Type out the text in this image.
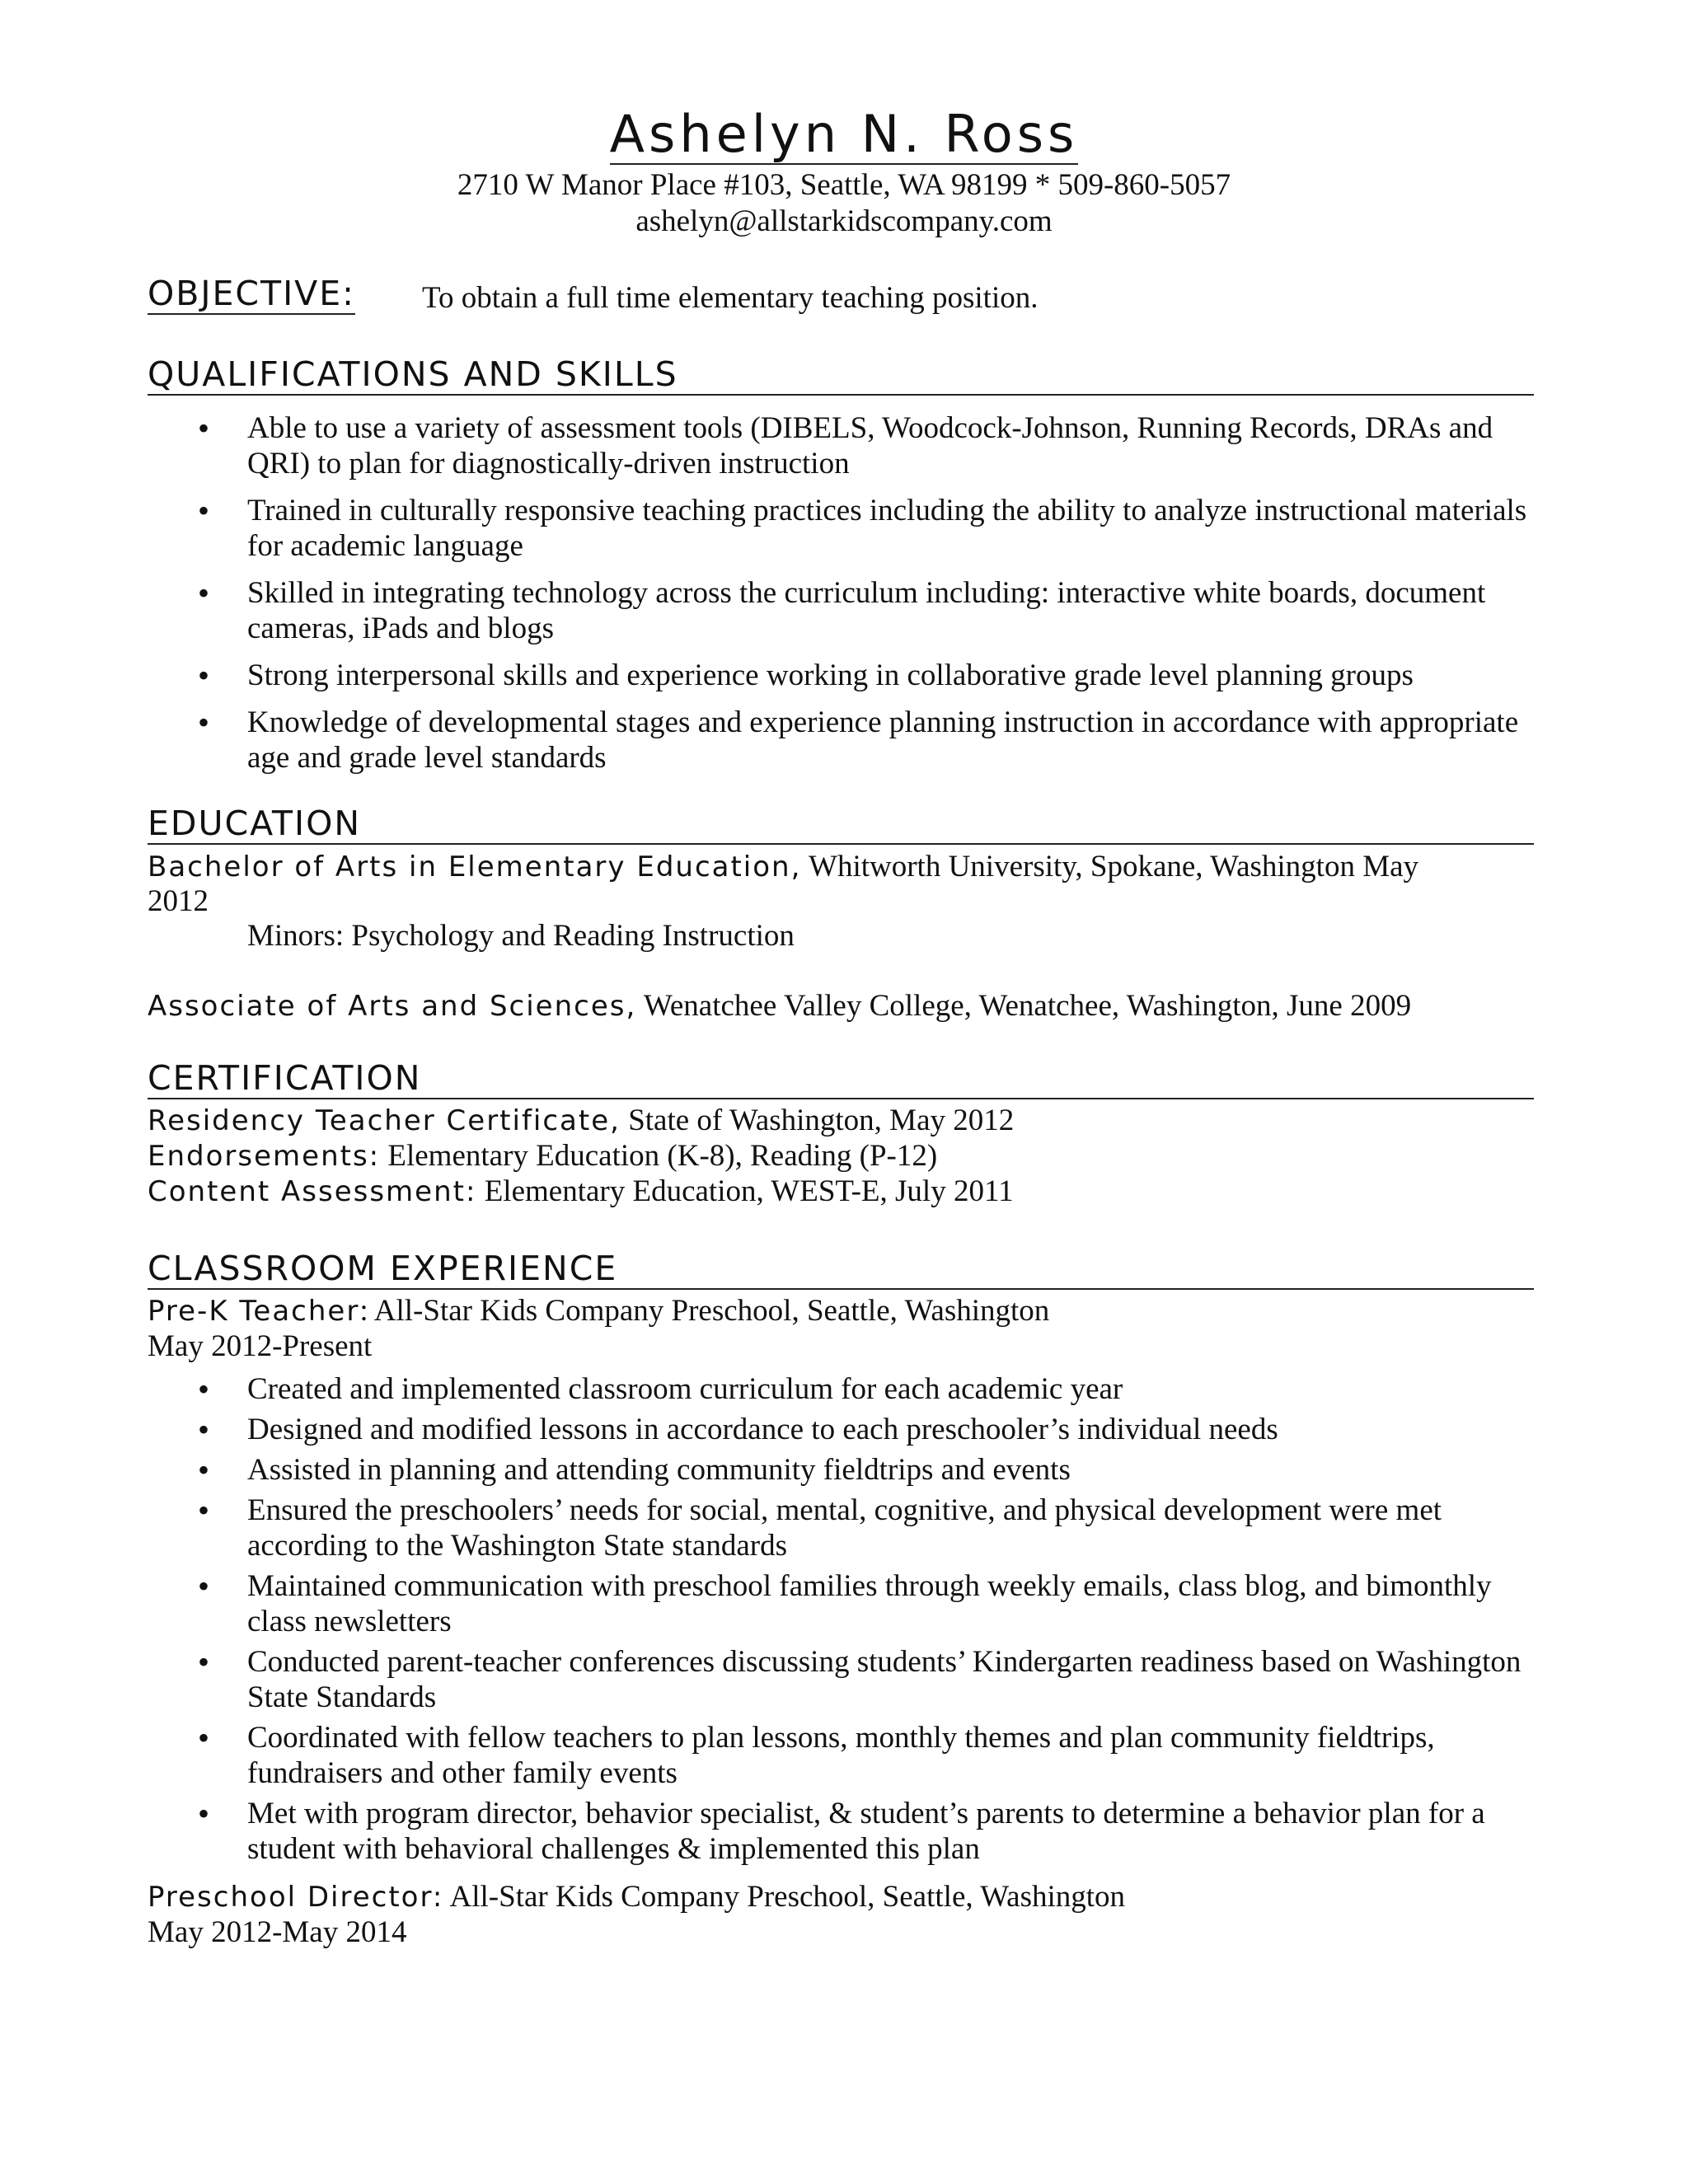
Ashelyn N. Ross
2710 W Manor Place #103, Seattle, WA 98199 * 509-860-5057
ashelyn@allstarkidscompany.com
OBJECTIVE: To obtain a full time elementary teaching position.
QUALIFICATIONS AND SKILLS
• Able to use a variety of assessment tools (DIBELS, Woodcock-Johnson, Running Records, DRAs and QRI) to plan for diagnostically-driven instruction
• Trained in culturally responsive teaching practices including the ability to analyze instructional materials for academic language
• Skilled in integrating technology across the curriculum including: interactive white boards, document cameras, iPads and blogs
• Strong interpersonal skills and experience working in collaborative grade level planning groups
• Knowledge of developmental stages and experience planning instruction in accordance with appropriate age and grade level standards
EDUCATION
Bachelor of Arts in Elementary Education, Whitworth University, Spokane, Washington May
2012
Minors: Psychology and Reading Instruction
Associate of Arts and Sciences, Wenatchee Valley College, Wenatchee, Washington, June 2009
CERTIFICATION
Residency Teacher Certificate, State of Washington, May 2012
Endorsements: Elementary Education (K-8), Reading (P-12)
Content Assessment: Elementary Education, WEST-E, July 2011
CLASSROOM EXPERIENCE
Pre-K Teacher: All-Star Kids Company Preschool, Seattle, Washington
May 2012-Present
• Created and implemented classroom curriculum for each academic year
• Designed and modified lessons in accordance to each preschooler’s individual needs
• Assisted in planning and attending community fieldtrips and events
• Ensured the preschoolers’ needs for social, mental, cognitive, and physical development were met according to the Washington State standards
• Maintained communication with preschool families through weekly emails, class blog, and bimonthly class newsletters
• Conducted parent-teacher conferences discussing students’ Kindergarten readiness based on Washington State Standards
• Coordinated with fellow teachers to plan lessons, monthly themes and plan community fieldtrips, fundraisers and other family events
• Met with program director, behavior specialist, & student’s parents to determine a behavior plan for a student with behavioral challenges & implemented this plan
Preschool Director: All-Star Kids Company Preschool, Seattle, Washington
May 2012-May 2014
